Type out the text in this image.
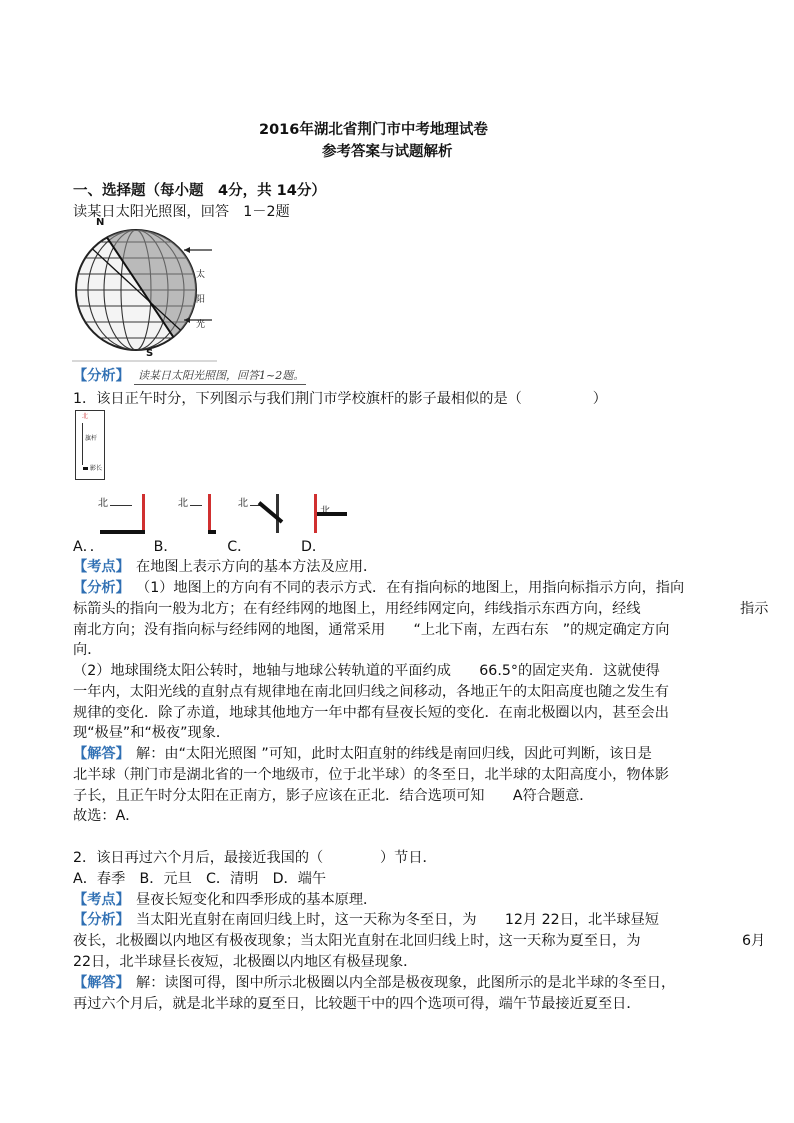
2016年湖北省荆门市中考地理试卷
参考答案与试题解析
一、选择题（每小题　4分，共 14分）
读某日太阳光照图，回答　1－2题
N
S
太
阳
光
【分析】 读某日太阳光照图，回答1~2题。
1．该日正午时分，下列图示与我们荆门市学校旗杆的影子最相似的是（　　　　　）
北
旗杆
影长
北	北	北
A．．　　　　B．　　　　C．　　　　D．
【考点】 在地图上表示方向的基本方法及应用．
【分析】 （1）地图上的方向有不同的表示方式．在有指向标的地图上，用指向标指示方向，指向
标箭头的指向一般为北方；在有经纬网的地图上，用经纬网定向，纬线指示东西方向，经线	指示
南北方向；没有指向标与经纬网的地图，通常采用　　“上北下南，左西右东　”的规定确定方向
向．
（2）地球围绕太阳公转时，地轴与地球公转轨道的平面约成　　66.5°的固定夹角．这就使得
一年内，太阳光线的直射点有规律地在南北回归线之间移动，各地正午的太阳高度也随之发生有
规律的变化．除了赤道，地球其他地方一年中都有昼夜长短的变化．在南北极圈以内，甚至会出
现“极昼”和“极夜”现象．
【解答】 解：由“太阳光照图 ”可知，此时太阳直射的纬线是南回归线，因此可判断，该日是
北半球（荆门市是湖北省的一个地级市，位于北半球）的冬至日，北半球的太阳高度小，物体影
子长，且正午时分太阳在正南方，影子应该在正北．结合选项可知　　A符合题意．
故选：A．
2．该日再过六个月后，最接近我国的（　　　　）节日．
A．春季　B．元旦　C．清明　D．端午
【考点】 昼夜长短变化和四季形成的基本原理．
【分析】 当太阳光直射在南回归线上时，这一天称为冬至日，为　　12月 22日，北半球昼短
6月
夜长，北极圈以内地区有极夜现象；当太阳光直射在北回归线上时，这一天称为夏至日，为
22日，北半球昼长夜短，北极圈以内地区有极昼现象．
【解答】 解：读图可得，图中所示北极圈以内全部是极夜现象，此图所示的是北半球的冬至日，
再过六个月后，就是北半球的夏至日，比较题干中的四个选项可得，端午节最接近夏至日．
